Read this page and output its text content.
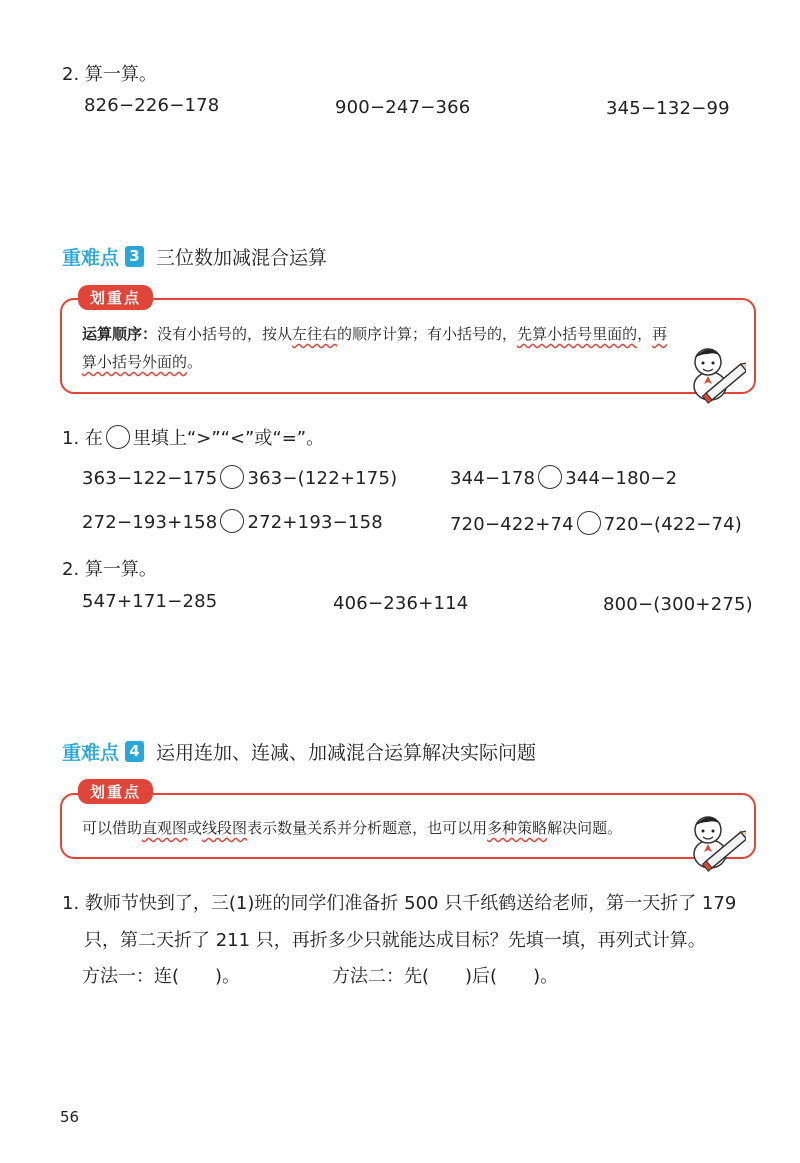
2. 算一算。
826−226−178	900−247−366	345−132−99
重难点 3 三位数加减混合运算
划重点
运算顺序：没有小括号的，按从左往右的顺序计算；有小括号的，先算小括号里面的，再
算小括号外面的。
1. 在 里填上“>”“<”或“=”。
363−122−175 363−(122+175)	344−178 344−180−2
272−193+158 272+193−158	720−422+74 720−(422−74)
2. 算一算。
547+171−285	406−236+114	800−(300+275)
重难点 4 运用连加、连减、加减混合运算解决实际问题
划重点
可以借助直观图或线段图表示数量关系并分析题意，也可以用多种策略解决问题。
1. 教师节快到了，三(1)班的同学们准备折 500 只千纸鹤送给老师，第一天折了 179
只，第二天折了 211 只，再折多少只就能达成目标？先填一填，再列式计算。
方法一：连(　　)。	方法二：先(　　)后(　　)。
56
